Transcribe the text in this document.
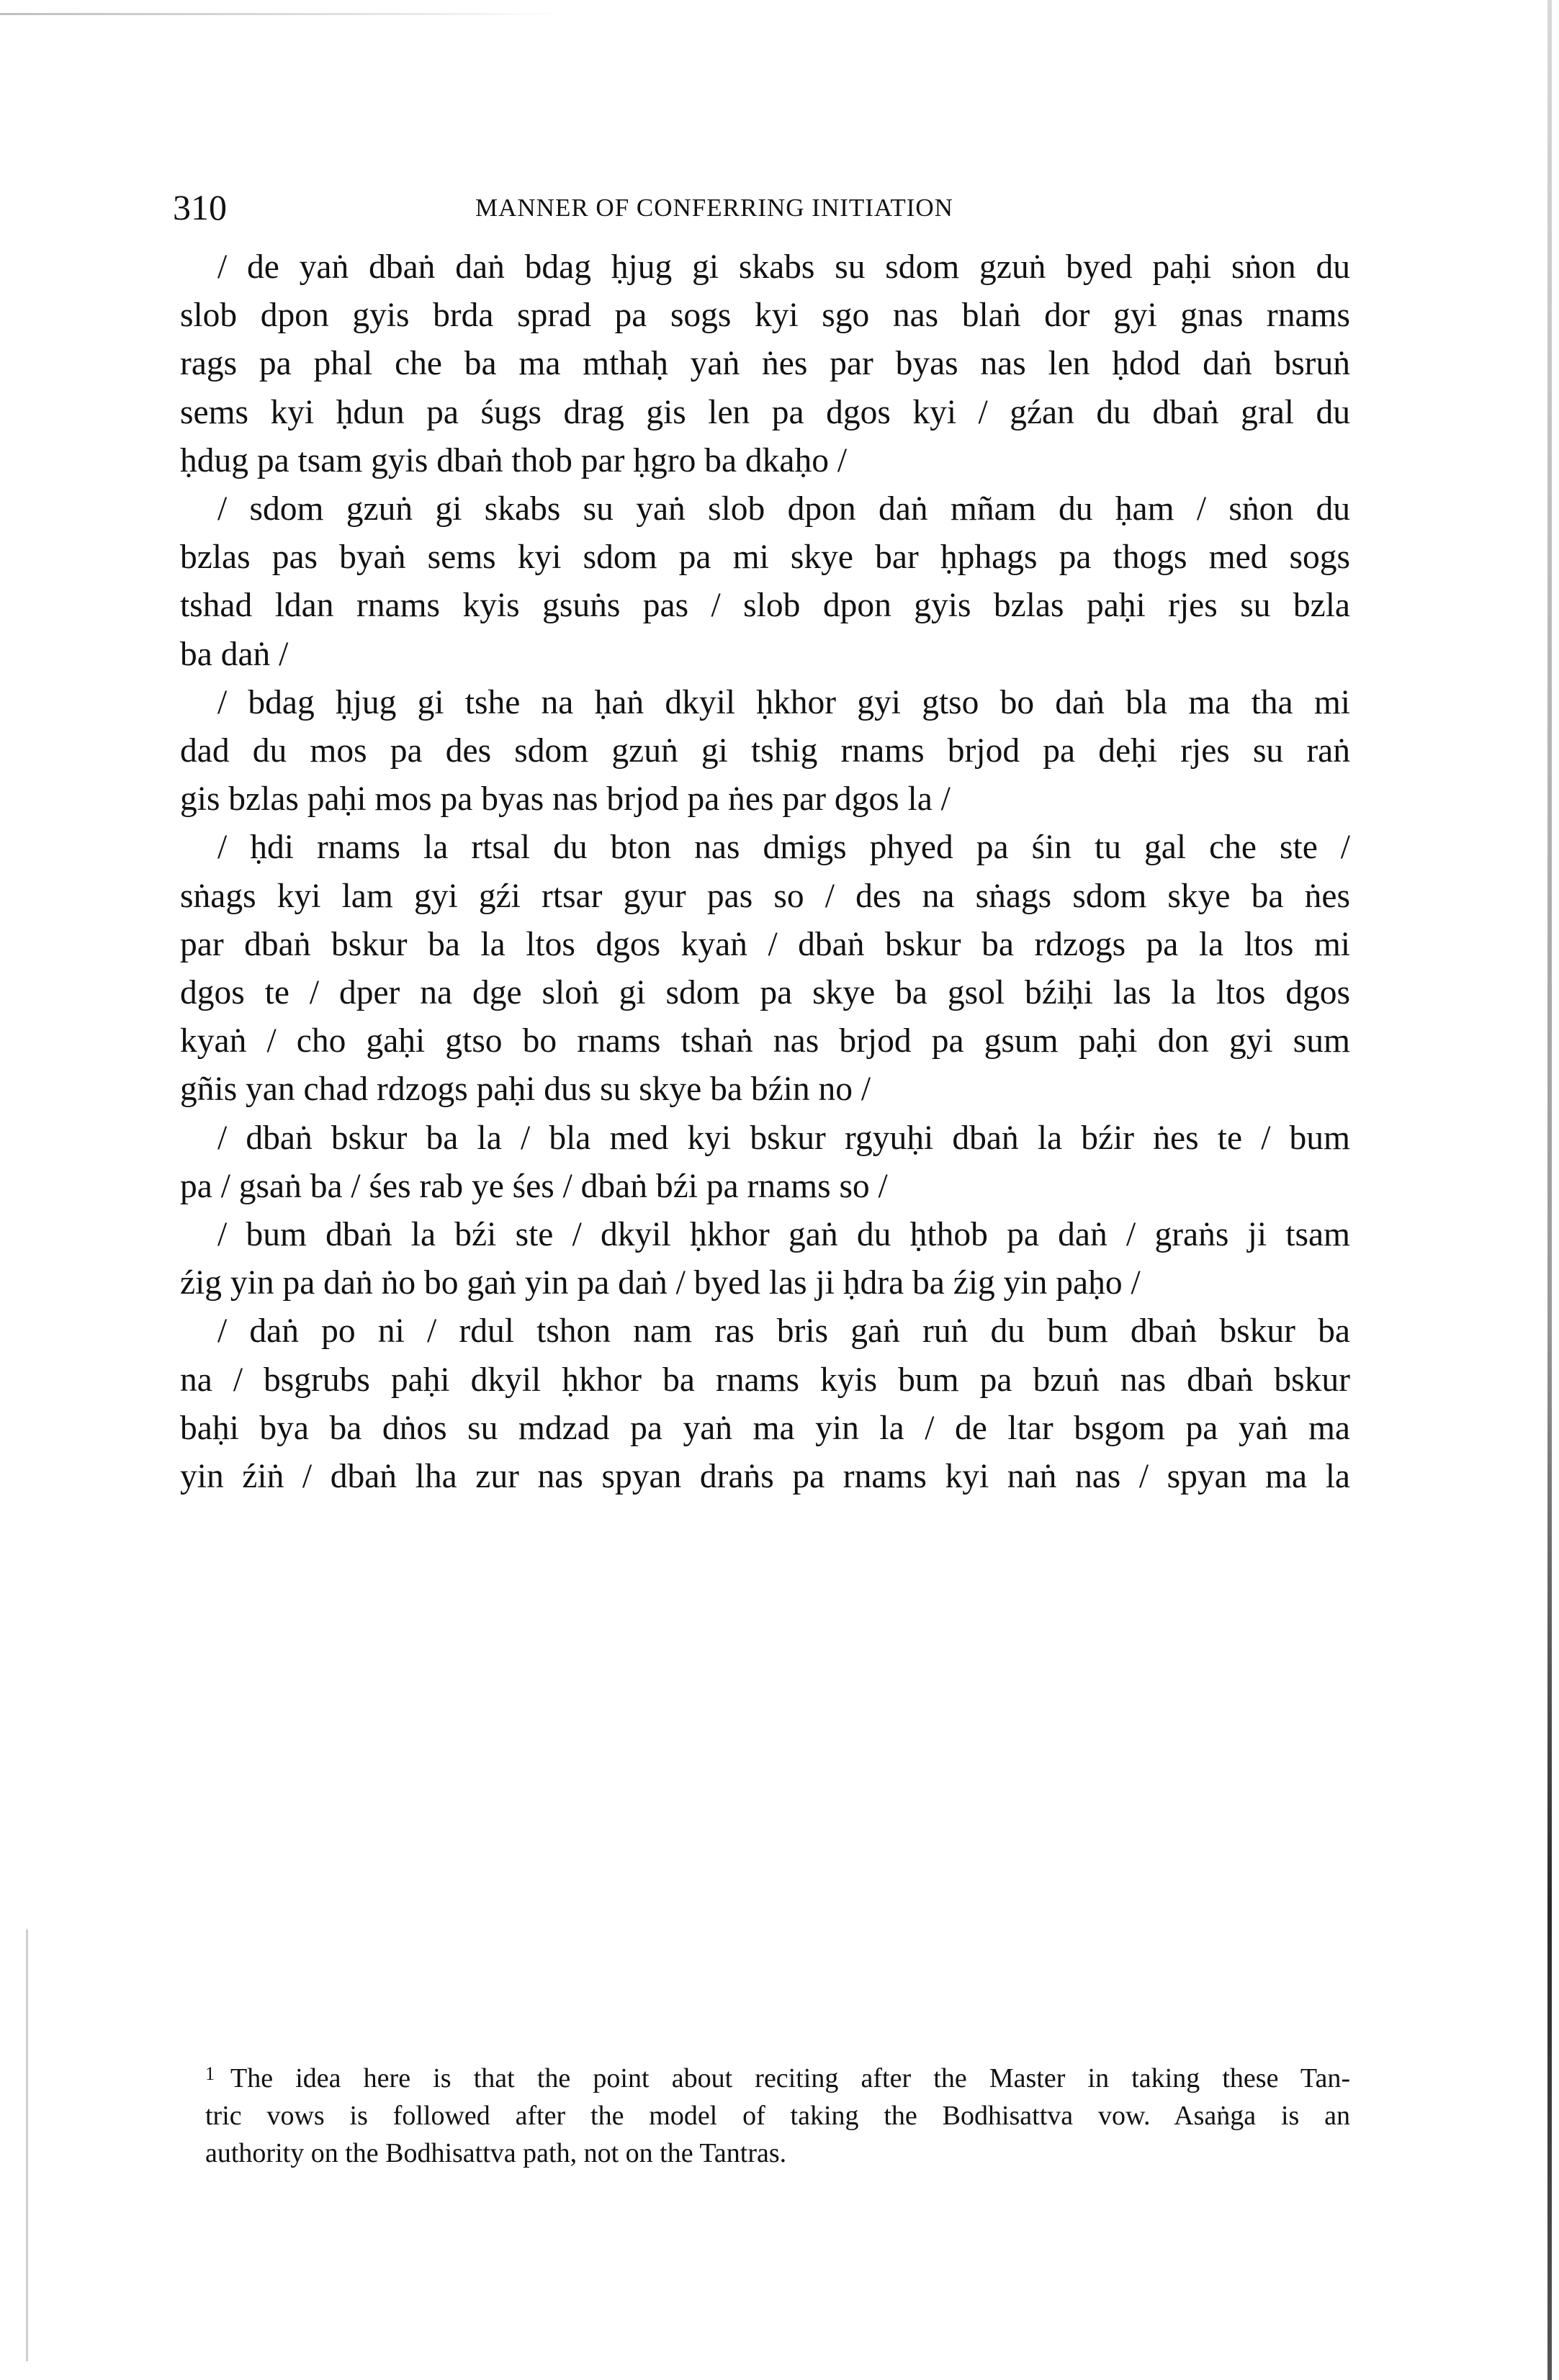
310	MANNER OF CONFERRING INITIATION
/ de yaṅ dbaṅ daṅ bdag ḥjug gi skabs su sdom gzuṅ byed paḥi sṅon du
slob dpon gyis brda sprad pa sogs kyi sgo nas blaṅ dor gyi gnas rnams
rags pa phal che ba ma mthaḥ yaṅ ṅes par byas nas len ḥdod daṅ bsruṅ
sems kyi ḥdun pa śugs drag gis len pa dgos kyi / gźan du dbaṅ gral du
ḥdug pa tsam gyis dbaṅ thob par ḥgro ba dkaḥo /
/ sdom gzuṅ gi skabs su yaṅ slob dpon daṅ mñam du ḥam / sṅon du
bzlas pas byaṅ sems kyi sdom pa mi skye bar ḥphags pa thogs med sogs
tshad ldan rnams kyis gsuṅs pas / slob dpon gyis bzlas paḥi rjes su bzla
ba daṅ /
/ bdag ḥjug gi tshe na ḥaṅ dkyil ḥkhor gyi gtso bo daṅ bla ma tha mi
dad du mos pa des sdom gzuṅ gi tshig rnams brjod pa deḥi rjes su raṅ
gis bzlas paḥi mos pa byas nas brjod pa ṅes par dgos la /
/ ḥdi rnams la rtsal du bton nas dmigs phyed pa śin tu gal che ste /
sṅags kyi lam gyi gźi rtsar gyur pas so / des na sṅags sdom skye ba ṅes
par dbaṅ bskur ba la ltos dgos kyaṅ / dbaṅ bskur ba rdzogs pa la ltos mi
dgos te / dper na dge sloṅ gi sdom pa skye ba gsol bźiḥi las la ltos dgos
kyaṅ / cho gaḥi gtso bo rnams tshaṅ nas brjod pa gsum paḥi don gyi sum
gñis yan chad rdzogs paḥi dus su skye ba bźin no /
/ dbaṅ bskur ba la / bla med kyi bskur rgyuḥi dbaṅ la bźir ṅes te / bum
pa / gsaṅ ba / śes rab ye śes / dbaṅ bźi pa rnams so /
/ bum dbaṅ la bźi ste / dkyil ḥkhor gaṅ du ḥthob pa daṅ / graṅs ji tsam
źig yin pa daṅ ṅo bo gaṅ yin pa daṅ / byed las ji ḥdra ba źig yin paḥo /
/ daṅ po ni / rdul tshon nam ras bris gaṅ ruṅ du bum dbaṅ bskur ba
na / bsgrubs paḥi dkyil ḥkhor ba rnams kyis bum pa bzuṅ nas dbaṅ bskur
baḥi bya ba dṅos su mdzad pa yaṅ ma yin la / de ltar bsgom pa yaṅ ma
yin źiṅ / dbaṅ lha zur nas spyan draṅs pa rnams kyi naṅ nas / spyan ma la
$^1$ The idea here is that the point about reciting after the Master in taking these Tan-
tric vows is followed after the model of taking the Bodhisattva vow. Asaṅga is an
authority on the Bodhisattva path, not on the Tantras.
